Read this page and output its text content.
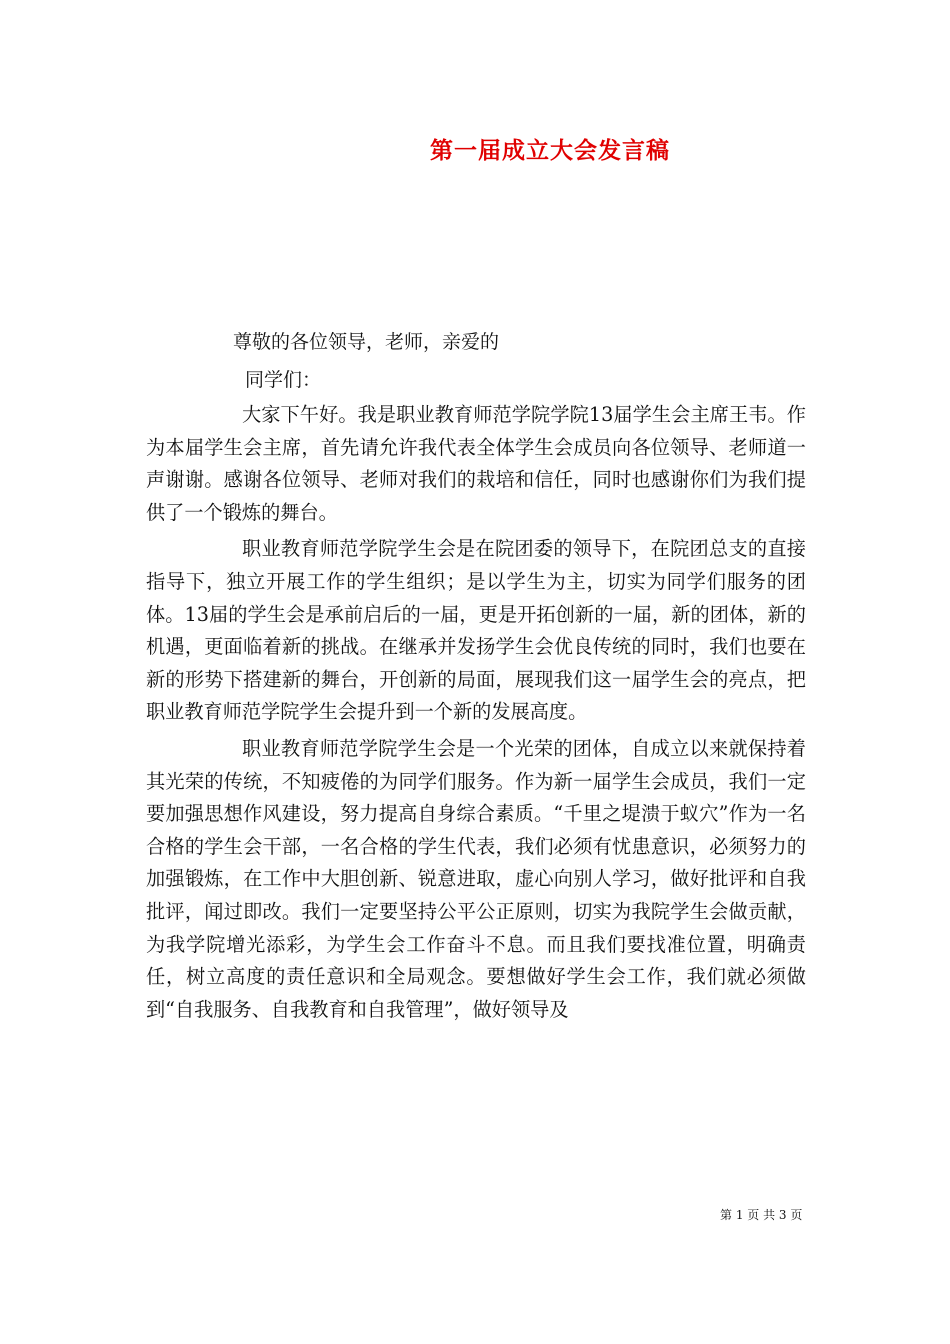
第一届成立大会发言稿
尊敬的各位领导，老师，亲爱的
同学们：

大家下午好。我是职业教育师范学院学院13届学生会主席王韦。作为本届学生会主席，首先请允许我代表全体学生会成员向各位领导、老师道一声谢谢。感谢各位领导、老师对我们的栽培和信任，同时也感谢你们为我们提供了一个锻炼的舞台。

职业教育师范学院学生会是在院团委的领导下，在院团总支的直接指导下，独立开展工作的学生组织；是以学生为主，切实为同学们服务的团体。13届的学生会是承前启后的一届，更是开拓创新的一届，新的团体，新的机遇，更面临着新的挑战。在继承并发扬学生会优良传统的同时，我们也要在新的形势下搭建新的舞台，开创新的局面，展现我们这一届学生会的亮点，把职业教育师范学院学生会提升到一个新的发展高度。

职业教育师范学院学生会是一个光荣的团体，自成立以来就保持着其光荣的传统，不知疲倦的为同学们服务。作为新一届学生会成员，我们一定要加强思想作风建设，努力提高自身综合素质。“千里之堤溃于蚁穴”作为一名合格的学生会干部，一名合格的学生代表，我们必须有忧患意识，必须努力的加强锻炼，在工作中大胆创新、锐意进取，虚心向别人学习，做好批评和自我批评，闻过即改。我们一定要坚持公平公正原则，切实为我院学生会做贡献，为我学院增光添彩，为学生会工作奋斗不息。而且我们要找准位置，明确责任，树立高度的责任意识和全局观念。要想做好学生会工作，我们就必须做到“自我服务、自我教育和自我管理”，做好领导及

第 1 页 共 3 页
